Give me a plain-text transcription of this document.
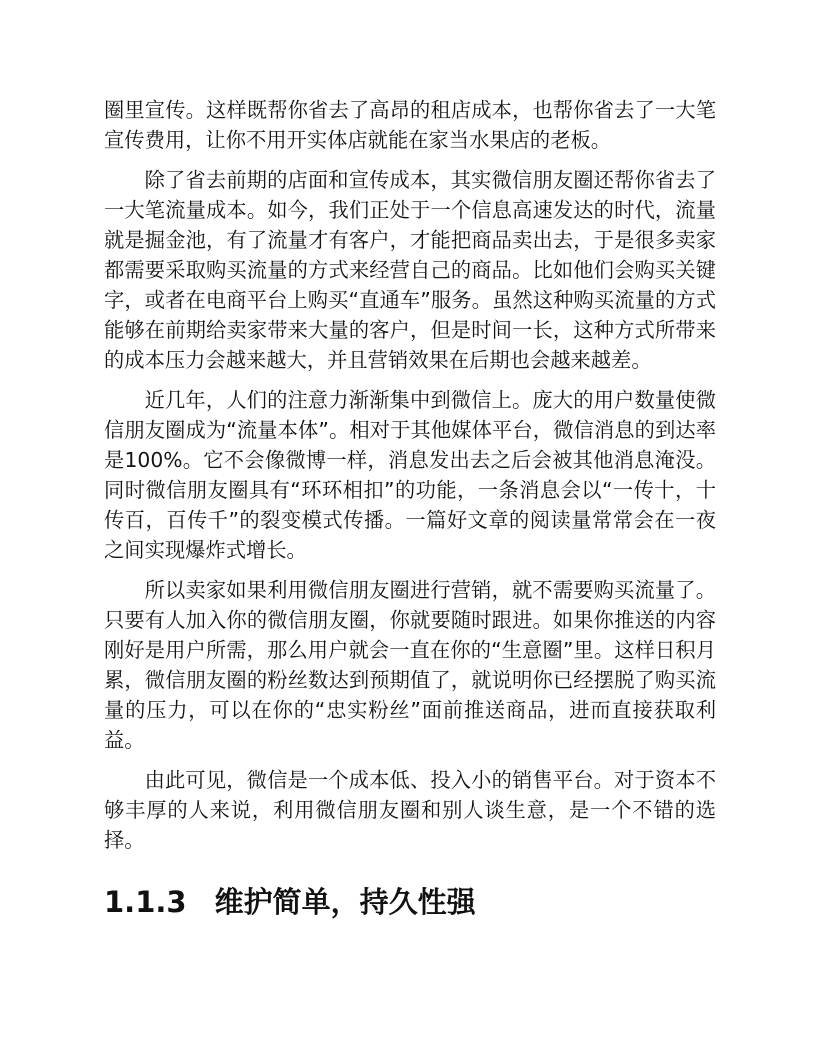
圈里宣传。这样既帮你省去了高昂的租店成本，也帮你省去了一大笔宣传费用，让你不用开实体店就能在家当水果店的老板。

除了省去前期的店面和宣传成本，其实微信朋友圈还帮你省去了一大笔流量成本。如今，我们正处于一个信息高速发达的时代，流量就是掘金池，有了流量才有客户，才能把商品卖出去，于是很多卖家都需要采取购买流量的方式来经营自己的商品。比如他们会购买关键字，或者在电商平台上购买“直通车”服务。虽然这种购买流量的方式能够在前期给卖家带来大量的客户，但是时间一长，这种方式所带来的成本压力会越来越大，并且营销效果在后期也会越来越差。

近几年，人们的注意力渐渐集中到微信上。庞大的用户数量使微信朋友圈成为“流量本体”。相对于其他媒体平台，微信消息的到达率是100%。它不会像微博一样，消息发出去之后会被其他消息淹没。同时微信朋友圈具有“环环相扣”的功能，一条消息会以“一传十，十传百，百传千”的裂变模式传播。一篇好文章的阅读量常常会在一夜之间实现爆炸式增长。

所以卖家如果利用微信朋友圈进行营销，就不需要购买流量了。只要有人加入你的微信朋友圈，你就要随时跟进。如果你推送的内容刚好是用户所需，那么用户就会一直在你的“生意圈”里。这样日积月累，微信朋友圈的粉丝数达到预期值了，就说明你已经摆脱了购买流量的压力，可以在你的“忠实粉丝”面前推送商品，进而直接获取利益。

由此可见，微信是一个成本低、投入小的销售平台。对于资本不够丰厚的人来说，利用微信朋友圈和别人谈生意，是一个不错的选择。

1.1.3 维护简单，持久性强
